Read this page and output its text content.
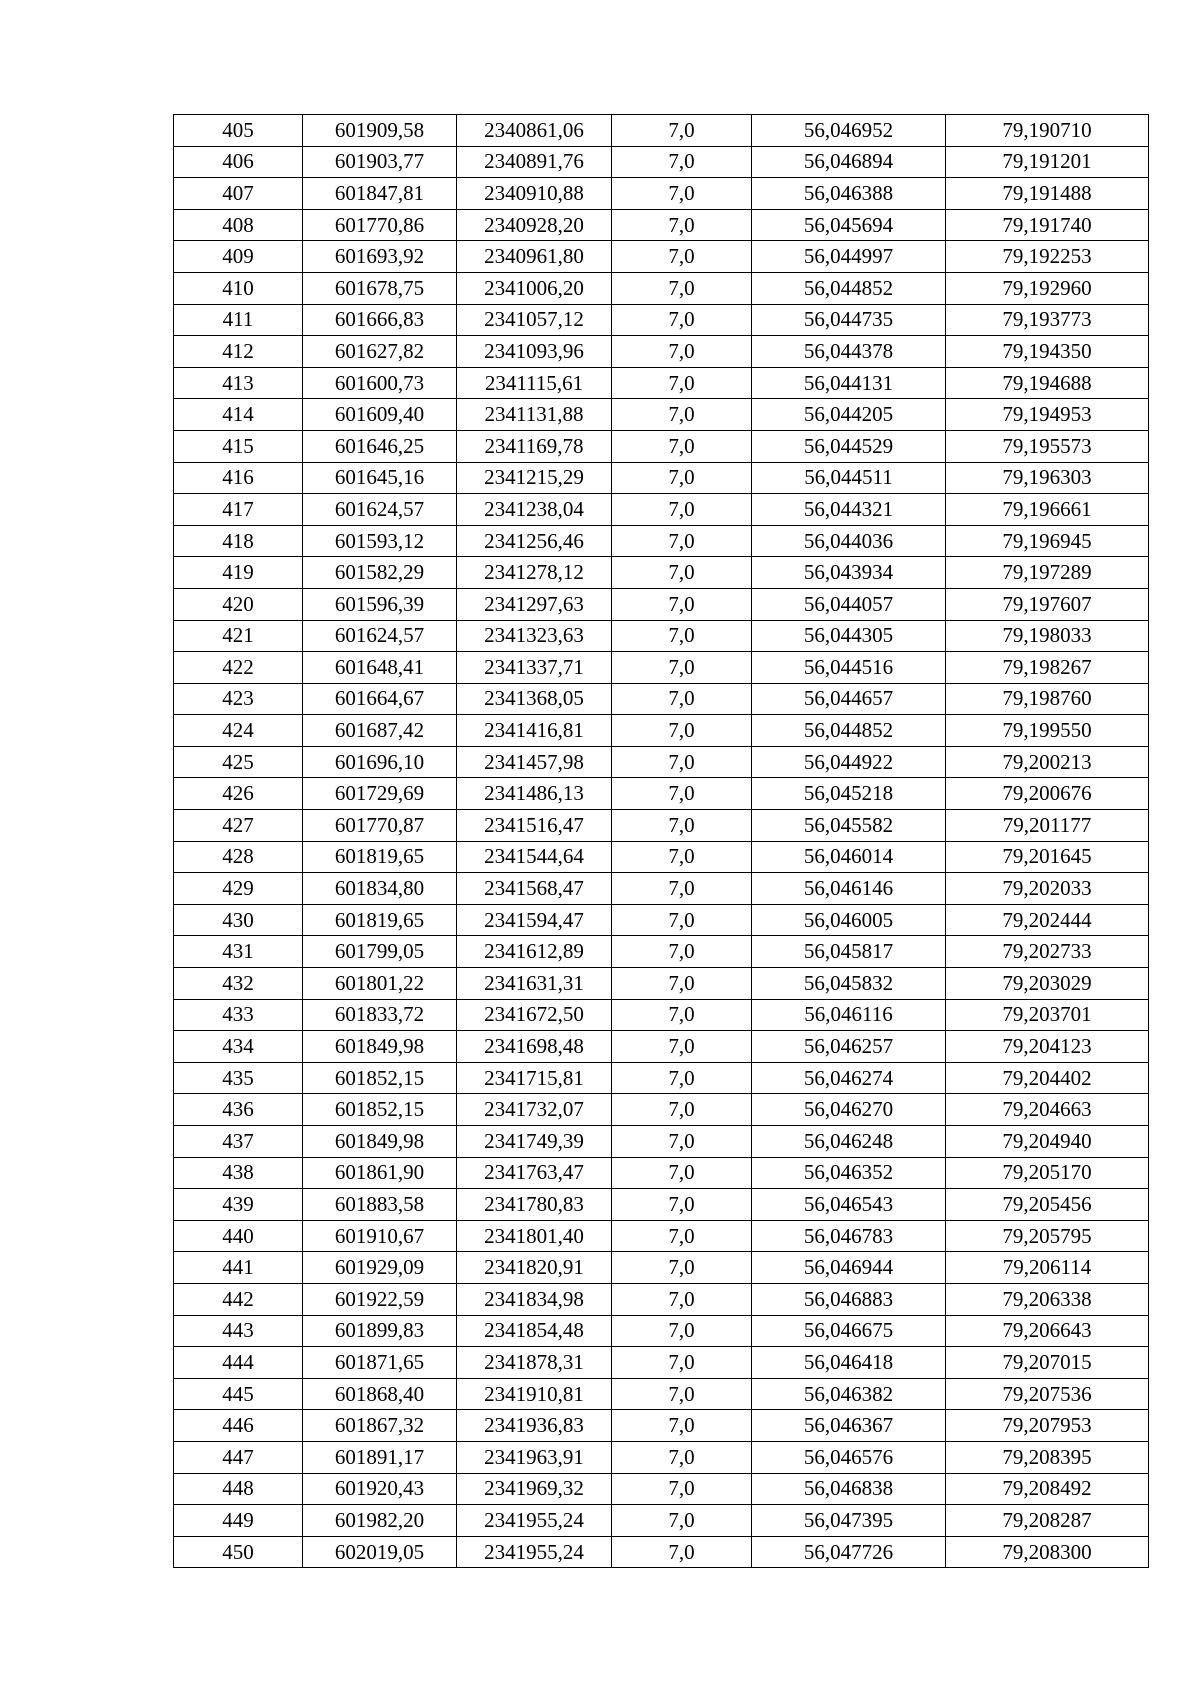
405	601909,58	2340861,06	7,0	56,046952	79,190710
406	601903,77	2340891,76	7,0	56,046894	79,191201
407	601847,81	2340910,88	7,0	56,046388	79,191488
408	601770,86	2340928,20	7,0	56,045694	79,191740
409	601693,92	2340961,80	7,0	56,044997	79,192253
410	601678,75	2341006,20	7,0	56,044852	79,192960
411	601666,83	2341057,12	7,0	56,044735	79,193773
412	601627,82	2341093,96	7,0	56,044378	79,194350
413	601600,73	2341115,61	7,0	56,044131	79,194688
414	601609,40	2341131,88	7,0	56,044205	79,194953
415	601646,25	2341169,78	7,0	56,044529	79,195573
416	601645,16	2341215,29	7,0	56,044511	79,196303
417	601624,57	2341238,04	7,0	56,044321	79,196661
418	601593,12	2341256,46	7,0	56,044036	79,196945
419	601582,29	2341278,12	7,0	56,043934	79,197289
420	601596,39	2341297,63	7,0	56,044057	79,197607
421	601624,57	2341323,63	7,0	56,044305	79,198033
422	601648,41	2341337,71	7,0	56,044516	79,198267
423	601664,67	2341368,05	7,0	56,044657	79,198760
424	601687,42	2341416,81	7,0	56,044852	79,199550
425	601696,10	2341457,98	7,0	56,044922	79,200213
426	601729,69	2341486,13	7,0	56,045218	79,200676
427	601770,87	2341516,47	7,0	56,045582	79,201177
428	601819,65	2341544,64	7,0	56,046014	79,201645
429	601834,80	2341568,47	7,0	56,046146	79,202033
430	601819,65	2341594,47	7,0	56,046005	79,202444
431	601799,05	2341612,89	7,0	56,045817	79,202733
432	601801,22	2341631,31	7,0	56,045832	79,203029
433	601833,72	2341672,50	7,0	56,046116	79,203701
434	601849,98	2341698,48	7,0	56,046257	79,204123
435	601852,15	2341715,81	7,0	56,046274	79,204402
436	601852,15	2341732,07	7,0	56,046270	79,204663
437	601849,98	2341749,39	7,0	56,046248	79,204940
438	601861,90	2341763,47	7,0	56,046352	79,205170
439	601883,58	2341780,83	7,0	56,046543	79,205456
440	601910,67	2341801,40	7,0	56,046783	79,205795
441	601929,09	2341820,91	7,0	56,046944	79,206114
442	601922,59	2341834,98	7,0	56,046883	79,206338
443	601899,83	2341854,48	7,0	56,046675	79,206643
444	601871,65	2341878,31	7,0	56,046418	79,207015
445	601868,40	2341910,81	7,0	56,046382	79,207536
446	601867,32	2341936,83	7,0	56,046367	79,207953
447	601891,17	2341963,91	7,0	56,046576	79,208395
448	601920,43	2341969,32	7,0	56,046838	79,208492
449	601982,20	2341955,24	7,0	56,047395	79,208287
450	602019,05	2341955,24	7,0	56,047726	79,208300
